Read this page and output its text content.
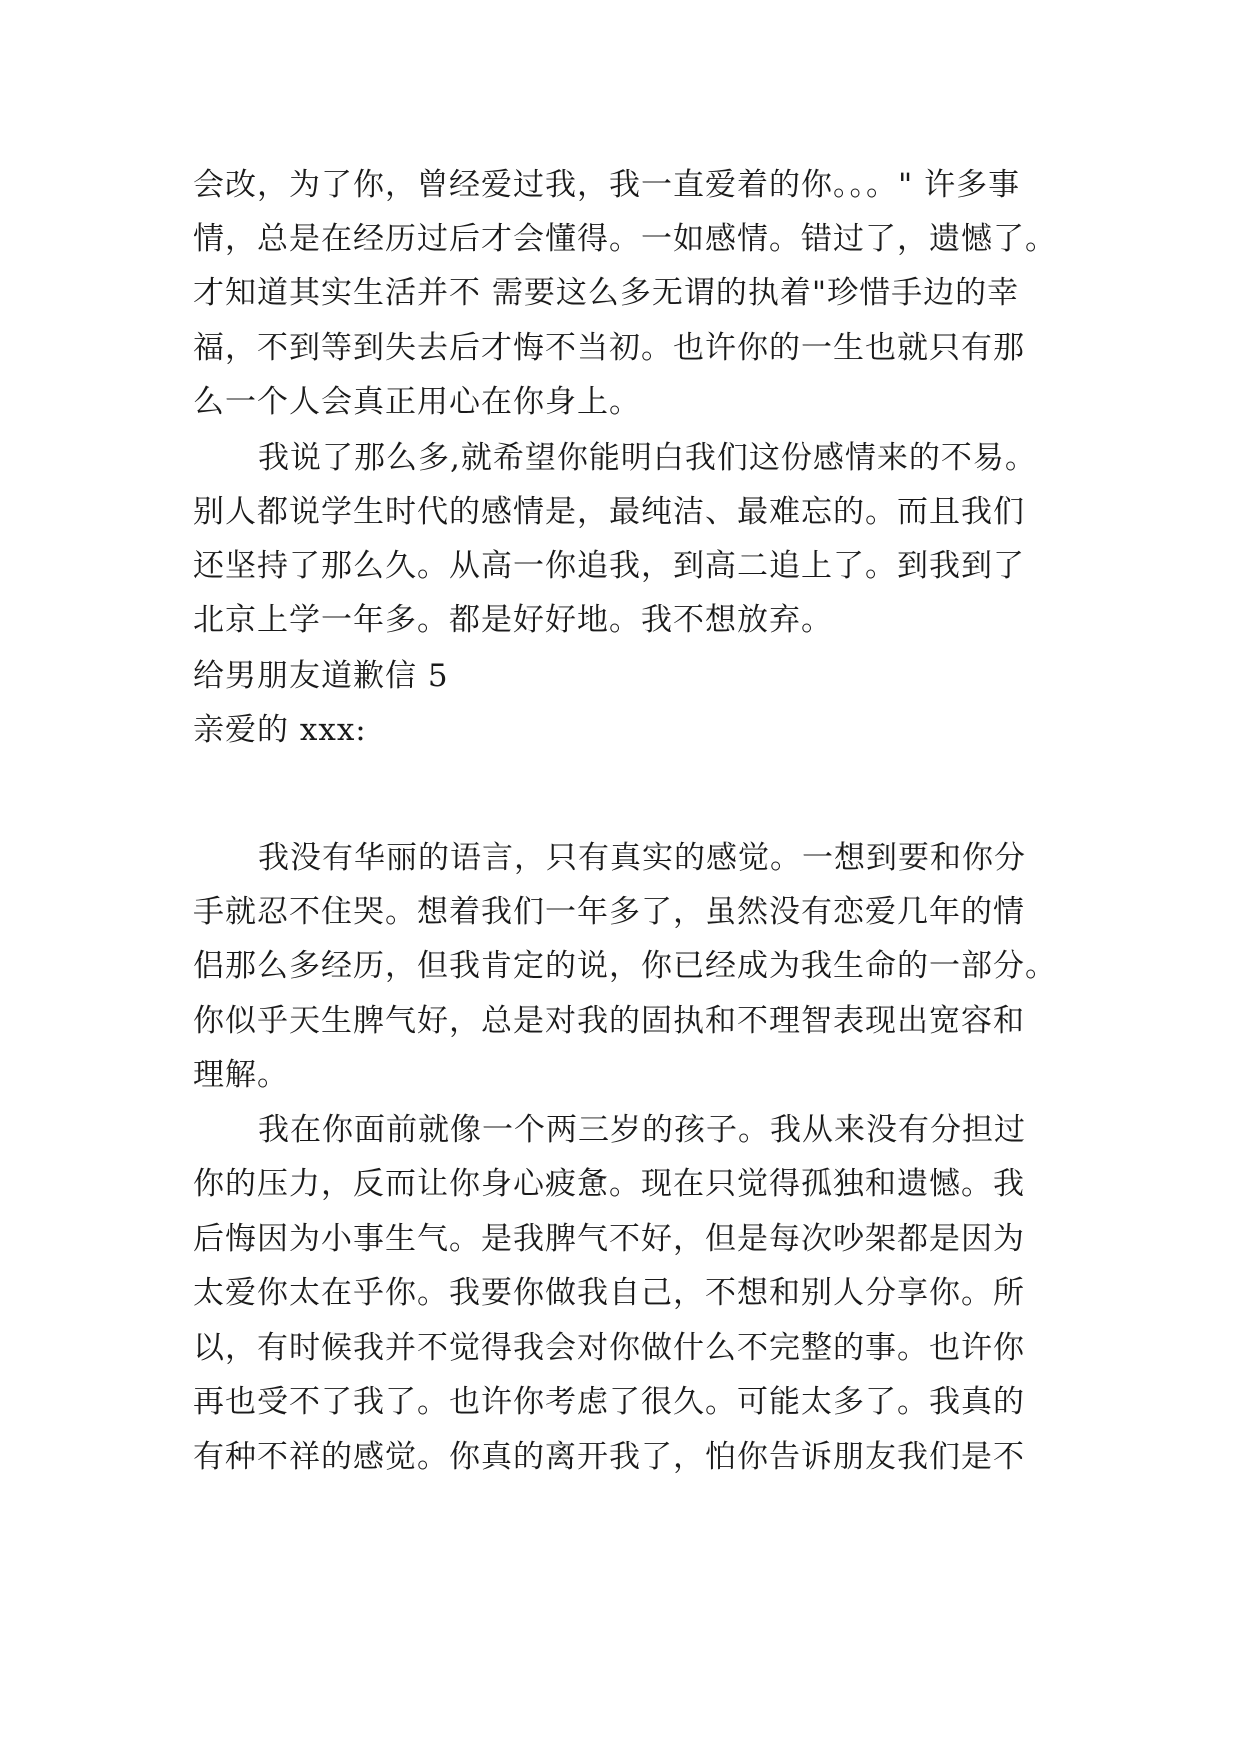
会改，为了你，曾经爱过我，我一直爱着的你。。。" 许多事
情，总是在经历过后才会懂得。一如感情。错过了，遗憾了。
才知道其实生活并不 需要这么多无谓的执着"珍惜手边的幸
福，不到等到失去后才悔不当初。也许你的一生也就只有那
么一个人会真正用心在你身上。
我说了那么多,就希望你能明白我们这份感情来的不易。
别人都说学生时代的感情是，最纯洁、最难忘的。而且我们
还坚持了那么久。从高一你追我，到高二追上了。到我到了
北京上学一年多。都是好好地。我不想放弃。
给男朋友道歉信 5
亲爱的 xxx:
我没有华丽的语言，只有真实的感觉。一想到要和你分
手就忍不住哭。想着我们一年多了，虽然没有恋爱几年的情
侣那么多经历，但我肯定的说，你已经成为我生命的一部分。
你似乎天生脾气好，总是对我的固执和不理智表现出宽容和
理解。
我在你面前就像一个两三岁的孩子。我从来没有分担过
你的压力，反而让你身心疲惫。现在只觉得孤独和遗憾。我
后悔因为小事生气。是我脾气不好，但是每次吵架都是因为
太爱你太在乎你。我要你做我自己，不想和别人分享你。所
以，有时候我并不觉得我会对你做什么不完整的事。也许你
再也受不了我了。也许你考虑了很久。可能太多了。我真的
有种不祥的感觉。你真的离开我了，怕你告诉朋友我们是不
